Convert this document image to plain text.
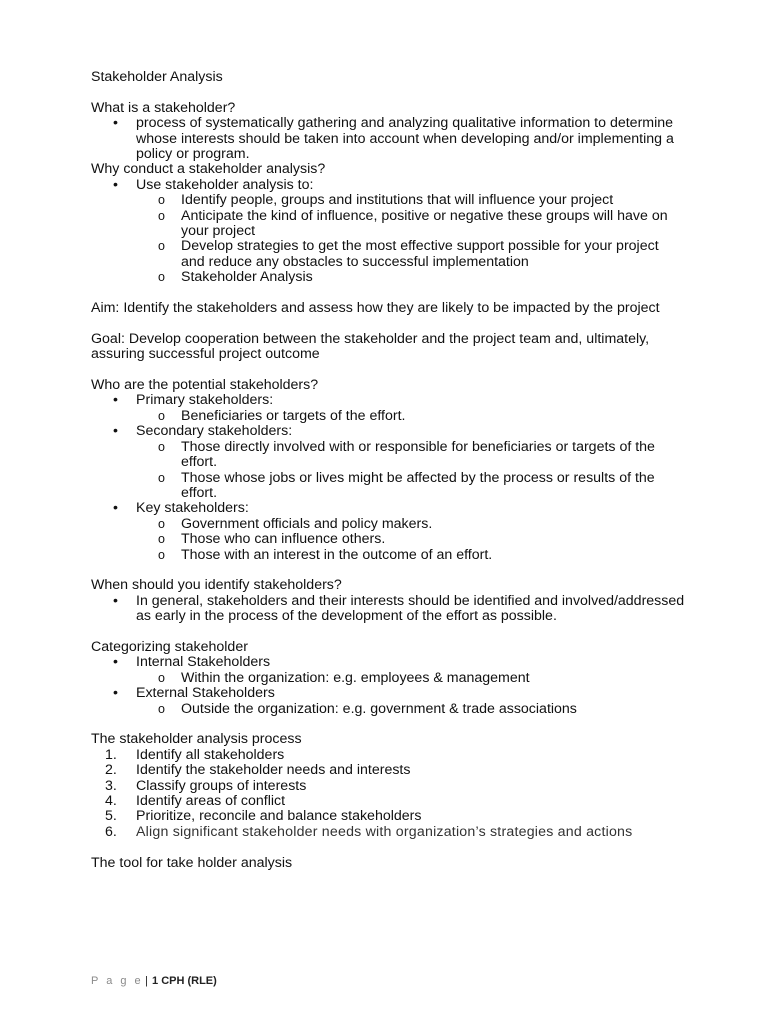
Stakeholder Analysis

What is a stakeholder?

• process of systematically gathering and analyzing qualitative information to determine whose interests should be taken into account when developing and/or implementing a policy or program.

Why conduct a stakeholder analysis?

• Use stakeholder analysis to:
o Identify people, groups and institutions that will influence your project
o Anticipate the kind of influence, positive or negative these groups will have on your project
o Develop strategies to get the most effective support possible for your project and reduce any obstacles to successful implementation
o Stakeholder Analysis

Aim: Identify the stakeholders and assess how they are likely to be impacted by the project

Goal: Develop cooperation between the stakeholder and the project team and, ultimately, assuring successful project outcome

Who are the potential stakeholders?

• Primary stakeholders:
o Beneficiaries or targets of the effort.
• Secondary stakeholders:
o Those directly involved with or responsible for beneficiaries or targets of the effort.
o Those whose jobs or lives might be affected by the process or results of the effort.
• Key stakeholders:
o Government officials and policy makers.
o Those who can influence others.
o Those with an interest in the outcome of an effort.

When should you identify stakeholders?

• In general, stakeholders and their interests should be identified and involved/addressed as early in the process of the development of the effort as possible.

Categorizing stakeholder

• Internal Stakeholders
o Within the organization: e.g. employees & management
• External Stakeholders
o Outside the organization: e.g. government & trade associations

The stakeholder analysis process

1. Identify all stakeholders
2. Identify the stakeholder needs and interests
3. Classify groups of interests
4. Identify areas of conflict
5. Prioritize, reconcile and balance stakeholders
6. Align significant stakeholder needs with organization’s strategies and actions

The tool for take holder analysis

P a g e | 1 CPH (RLE)
